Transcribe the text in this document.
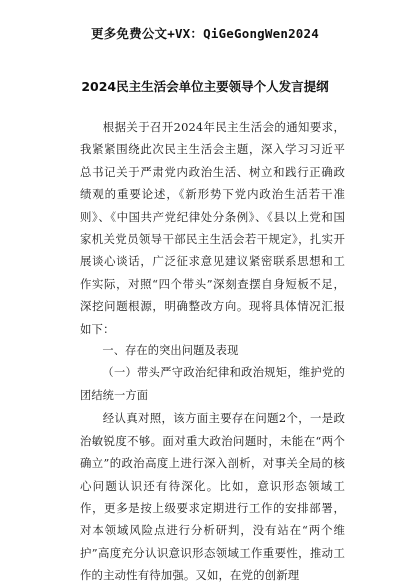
更多免费公文+VX：QiGeGongWen2024
2024民主生活会单位主要领导个人发言提纲

根据关于召开2024年民主生活会的通知要求，我紧紧围绕此次民主生活会主题，深入学习习近平总书记关于严肃党内政治生活、树立和践行正确政绩观的重要论述，《新形势下党内政治生活若干准则》、《中国共产党纪律处分条例》、《县以上党和国家机关党员领导干部民主生活会若干规定》，扎实开展谈心谈话，广泛征求意见建议紧密联系思想和工作实际，对照“四个带头”深刻查摆自身短板不足，深挖问题根源，明确整改方向。现将具体情况汇报如下：

一、存在的突出问题及表现

（一）带头严守政治纪律和政治规矩，维护党的团结统一方面

经认真对照，该方面主要存在问题2个，一是政治敏锐度不够。面对重大政治问题时，未能在“两个确立”的政治高度上进行深入剖析，对事关全局的核心问题认识还有待深化。比如，意识形态领域工作，更多是按上级要求定期进行工作的安排部署，对本领域风险点进行分析研判，没有站在“两个维护”高度充分认识意识形态领域工作重要性，推动工作的主动性有待加强。又如，在党的创新理
